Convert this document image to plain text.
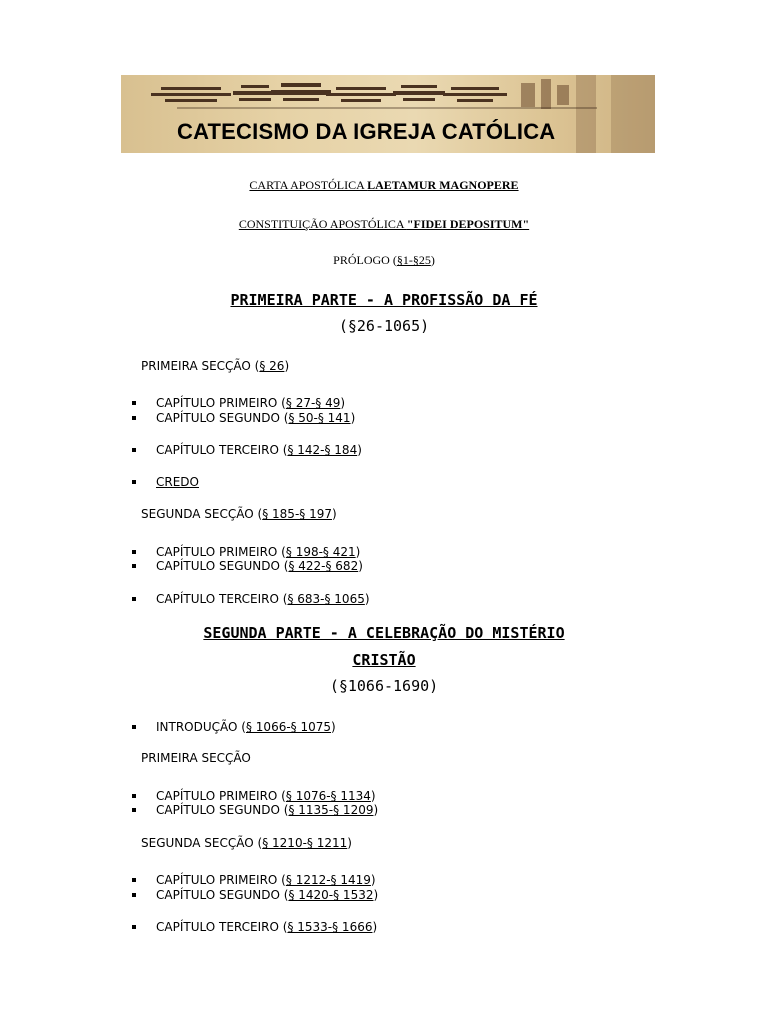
CATECISMO DA IGREJA CATÓLICA
CARTA APOSTÓLICA LAETAMUR MAGNOPERE
CONSTITUIÇÃO APOSTÓLICA "FIDEI DEPOSITUM"
PRÓLOGO (§1-§25)
PRIMEIRA PARTE - A PROFISSÃO DA FÉ
(§26-1065)
PRIMEIRA SECÇÃO (§ 26)
CAPÍTULO PRIMEIRO (§ 27-§ 49)
CAPÍTULO SEGUNDO (§ 50-§ 141)
CAPÍTULO TERCEIRO (§ 142-§ 184)
CREDO
SEGUNDA SECÇÃO (§ 185-§ 197)
CAPÍTULO PRIMEIRO (§ 198-§ 421)
CAPÍTULO SEGUNDO (§ 422-§ 682)
CAPÍTULO TERCEIRO (§ 683-§ 1065)
SEGUNDA PARTE - A CELEBRAÇÃO DO MISTÉRIO
CRISTÃO
(§1066-1690)
INTRODUÇÃO (§ 1066-§ 1075)
PRIMEIRA SECÇÃO
CAPÍTULO PRIMEIRO (§ 1076-§ 1134)
CAPÍTULO SEGUNDO (§ 1135-§ 1209)
SEGUNDA SECÇÃO (§ 1210-§ 1211)
CAPÍTULO PRIMEIRO (§ 1212-§ 1419)
CAPÍTULO SEGUNDO (§ 1420-§ 1532)
CAPÍTULO TERCEIRO (§ 1533-§ 1666)
